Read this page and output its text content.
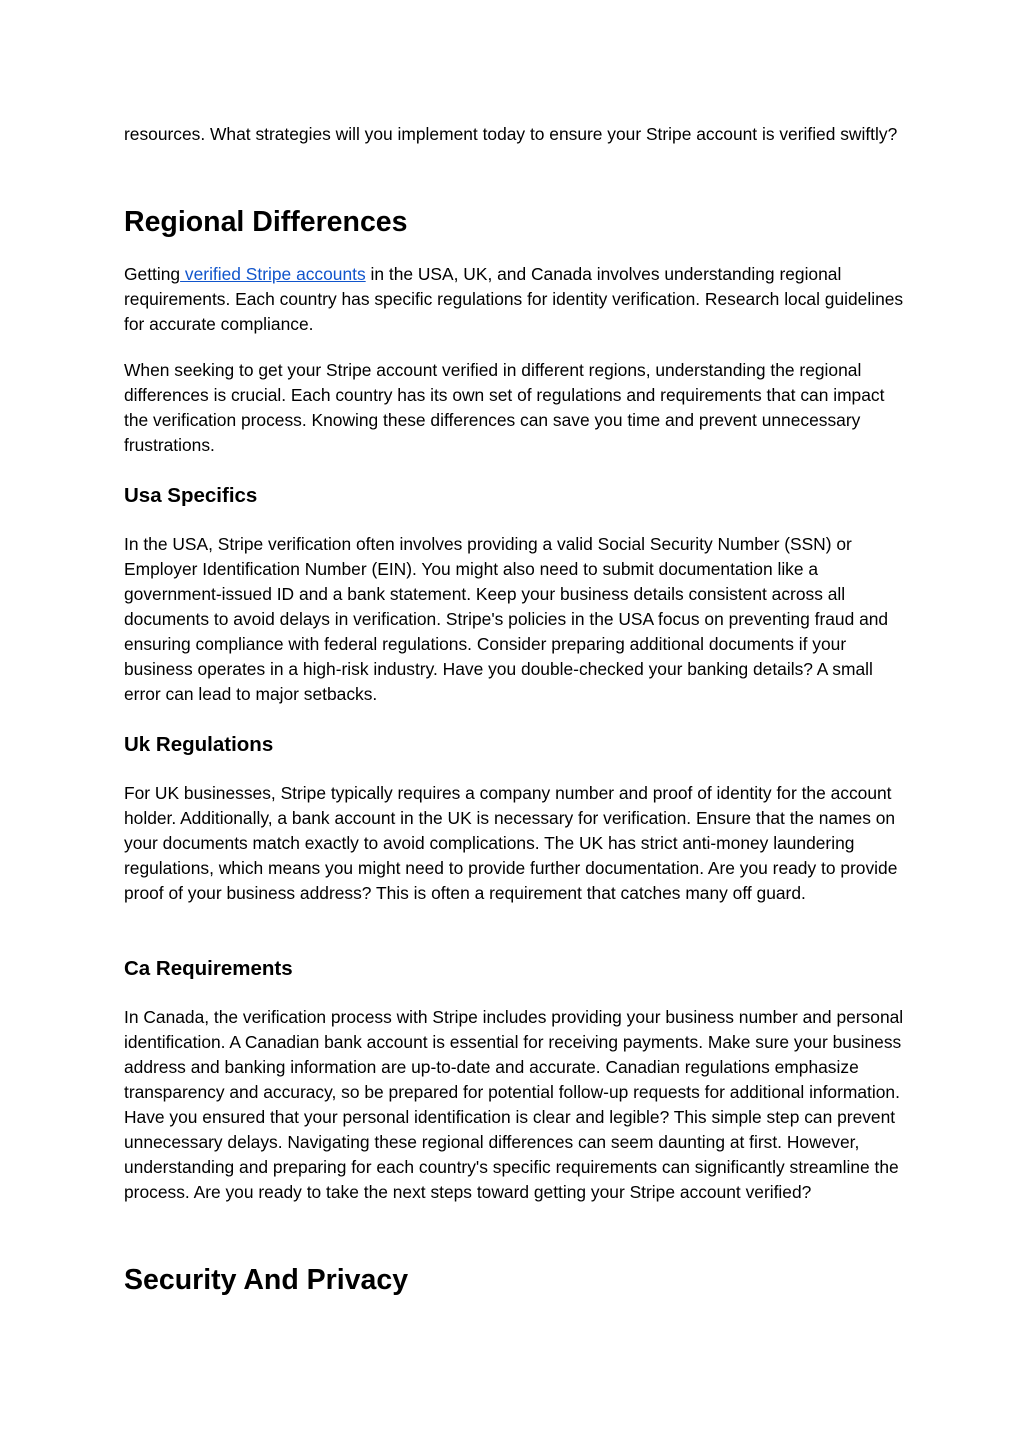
resources. What strategies will you implement today to ensure your Stripe account is verified swiftly?

Regional Differences

Getting verified Stripe accounts in the USA, UK, and Canada involves understanding regional requirements. Each country has specific regulations for identity verification. Research local guidelines for accurate compliance.

When seeking to get your Stripe account verified in different regions, understanding the regional differences is crucial. Each country has its own set of regulations and requirements that can impact the verification process. Knowing these differences can save you time and prevent unnecessary frustrations.

Usa Specifics

In the USA, Stripe verification often involves providing a valid Social Security Number (SSN) or Employer Identification Number (EIN). You might also need to submit documentation like a government-issued ID and a bank statement. Keep your business details consistent across all documents to avoid delays in verification. Stripe's policies in the USA focus on preventing fraud and ensuring compliance with federal regulations. Consider preparing additional documents if your business operates in a high-risk industry. Have you double-checked your banking details? A small error can lead to major setbacks.

Uk Regulations

For UK businesses, Stripe typically requires a company number and proof of identity for the account holder. Additionally, a bank account in the UK is necessary for verification. Ensure that the names on your documents match exactly to avoid complications. The UK has strict anti-money laundering regulations, which means you might need to provide further documentation. Are you ready to provide proof of your business address? This is often a requirement that catches many off guard.

Ca Requirements

In Canada, the verification process with Stripe includes providing your business number and personal identification. A Canadian bank account is essential for receiving payments. Make sure your business address and banking information are up-to-date and accurate. Canadian regulations emphasize transparency and accuracy, so be prepared for potential follow-up requests for additional information. Have you ensured that your personal identification is clear and legible? This simple step can prevent unnecessary delays. Navigating these regional differences can seem daunting at first. However, understanding and preparing for each country's specific requirements can significantly streamline the process. Are you ready to take the next steps toward getting your Stripe account verified?

Security And Privacy
